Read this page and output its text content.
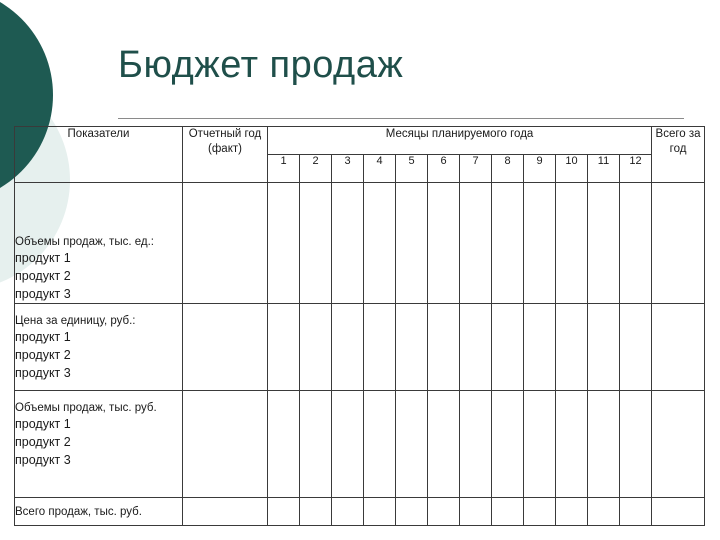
Бюджет продаж
Показатели	Отчетный год (факт)	Месяцы планируемого года												Всего за год
		1	2	3	4	5	6	7	8	9	10	11	12	

Объемы продаж, тыс. ед.:
продукт 1
продукт 2
продукт 3														

Цена за единицу, руб.:
продукт 1
продукт 2
продукт 3														

Объемы продаж, тыс. руб.
продукт 1
продукт 2
продукт 3														

Всего продаж, тыс. руб.														
